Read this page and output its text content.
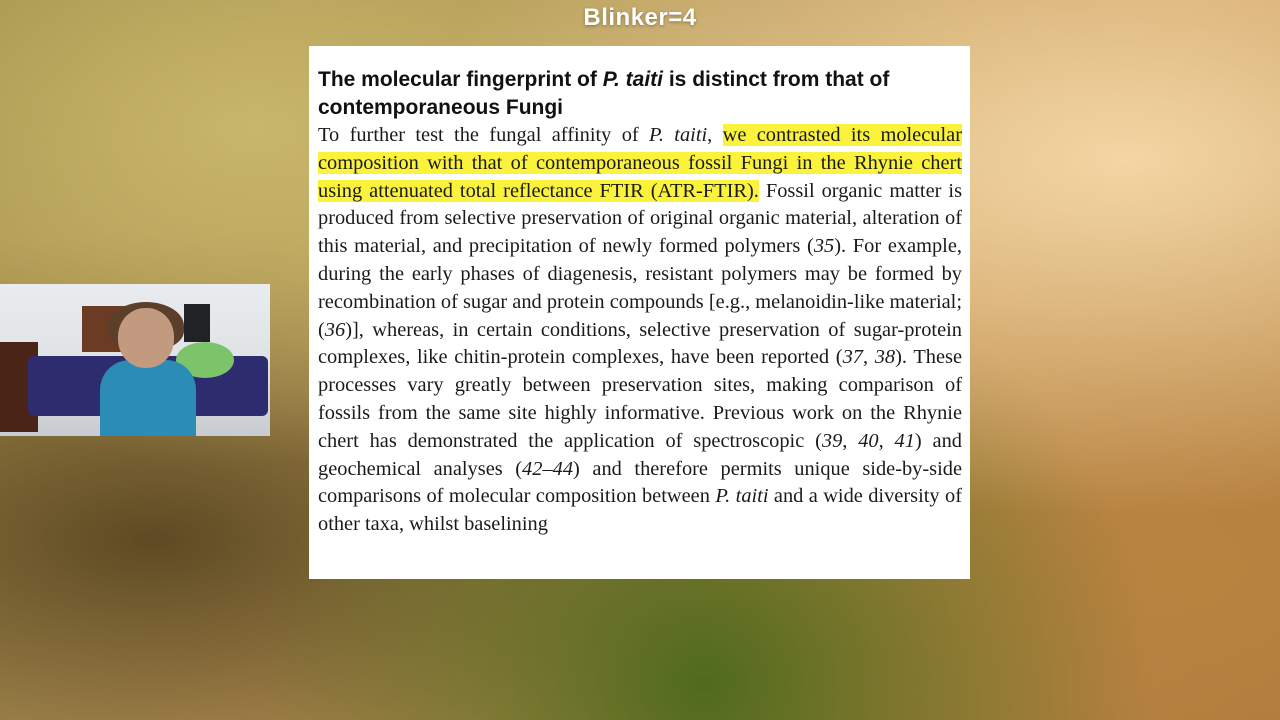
Blinker=4
The molecular fingerprint of P. taiti is distinct from that of contemporaneous Fungi

To further test the fungal affinity of P. taiti, we contrasted its molecular composition with that of contemporaneous fossil Fungi in the Rhynie chert using attenuated total reflectance FTIR (ATR-FTIR). Fossil organic matter is produced from selective preservation of original organic material, alteration of this material, and precipitation of newly formed polymers (35). For example, during the early phases of diagenesis, resistant polymers may be formed by recombination of sugar and protein compounds [e.g., melanoidin-like material; (36)], whereas, in certain conditions, selective preservation of sugar-protein complexes, like chitin-protein complexes, have been reported (37, 38). These processes vary greatly between preservation sites, making comparison of fossils from the same site highly informative. Previous work on the Rhynie chert has demonstrated the application of spectroscopic (39, 40, 41) and geochemical analyses (42–44) and therefore permits unique side-by-side comparisons of molecular composition between P. taiti and a wide diversity of other taxa, whilst baselining
